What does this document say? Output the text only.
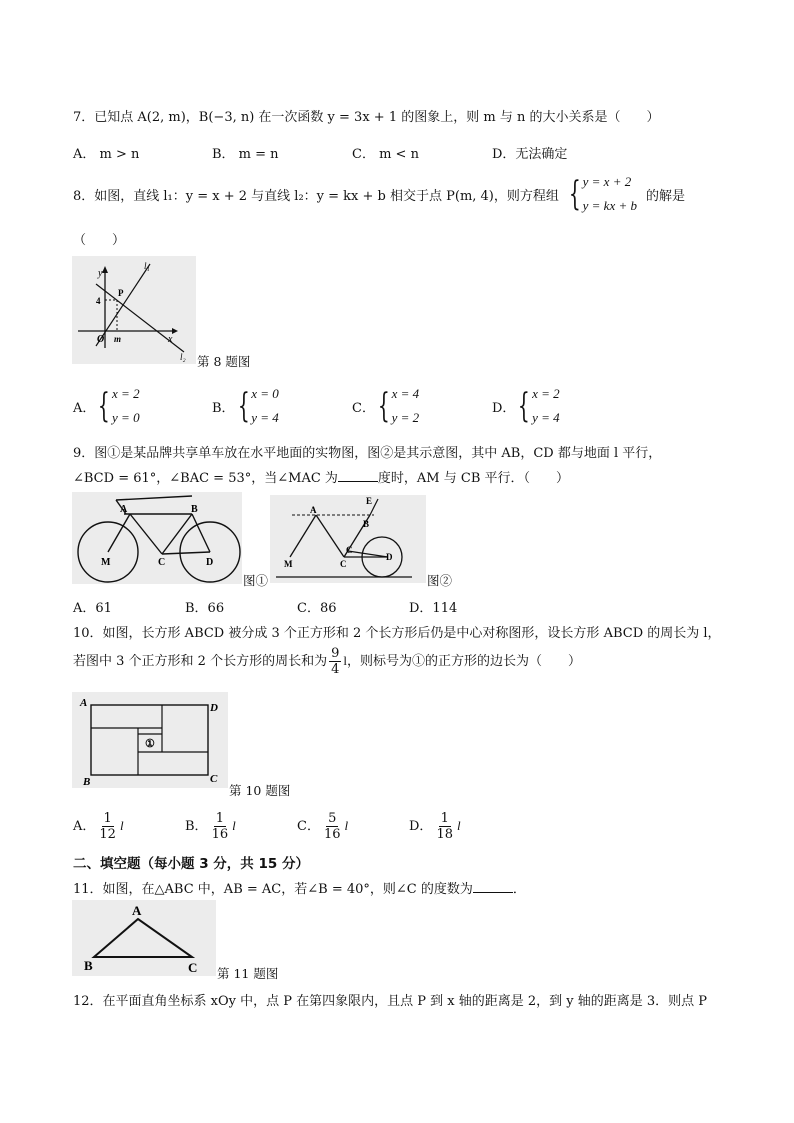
7．已知点 A(2, m)，B(−3, n) 在一次函数 y = 3x + 1 的图象上，则 m 与 n 的大小关系是（　　）
A． m > n	B． m = n	C． m < n	D．无法确定
8．如图，直线 l₁：y = x + 2 与直线 l₂：y = kx + b 相交于点 P(m, 4)，则方程组 { y = x + 2
y = kx + b
的解是
（　　）
y
x
l₁
l₂
P
4
O m
第 8 题图
A． { x = 2
y = 0
B． { x = 0
y = 4
C． { x = 4
y = 2
D． { x = 2
y = 4
9．图①是某品牌共享单车放在水平地面的实物图，图②是其示意图，其中 AB，CD 都与地面 l 平行，
∠BCD = 61°，∠BAC = 53°，当∠MAC 为	度时，AM 与 CB 平行．（　　）
A	B
M	C	D
图①
E
A
B
M	C
C
D
图②
A．61	B．66	C．86	D．114
10．如图，长方形 ABCD 被分成 3 个正方形和 2 个长方形后仍是中心对称图形，设长方形 ABCD 的周长为 l，
若图中 3 个正方形和 2 个长方形的周长和为 $\frac{9}{4}$ l，则标号为①的正方形的边长为（　　）
A	D
B	C
①
第 10 题图
A． $\frac{1}{12}$ l	B． $\frac{1}{16}$ l	C． $\frac{5}{16}$ l	D． $\frac{1}{18}$ l
二、填空题（每小题 3 分，共 15 分）
11．如图，在△ABC 中，AB = AC，若∠B = 40°，则∠C 的度数为	．
A
B	C 第 11 题图
12．在平面直角坐标系 xOy 中，点 P 在第四象限内，且点 P 到 x 轴的距离是 2，到 y 轴的距离是 3．则点 P
